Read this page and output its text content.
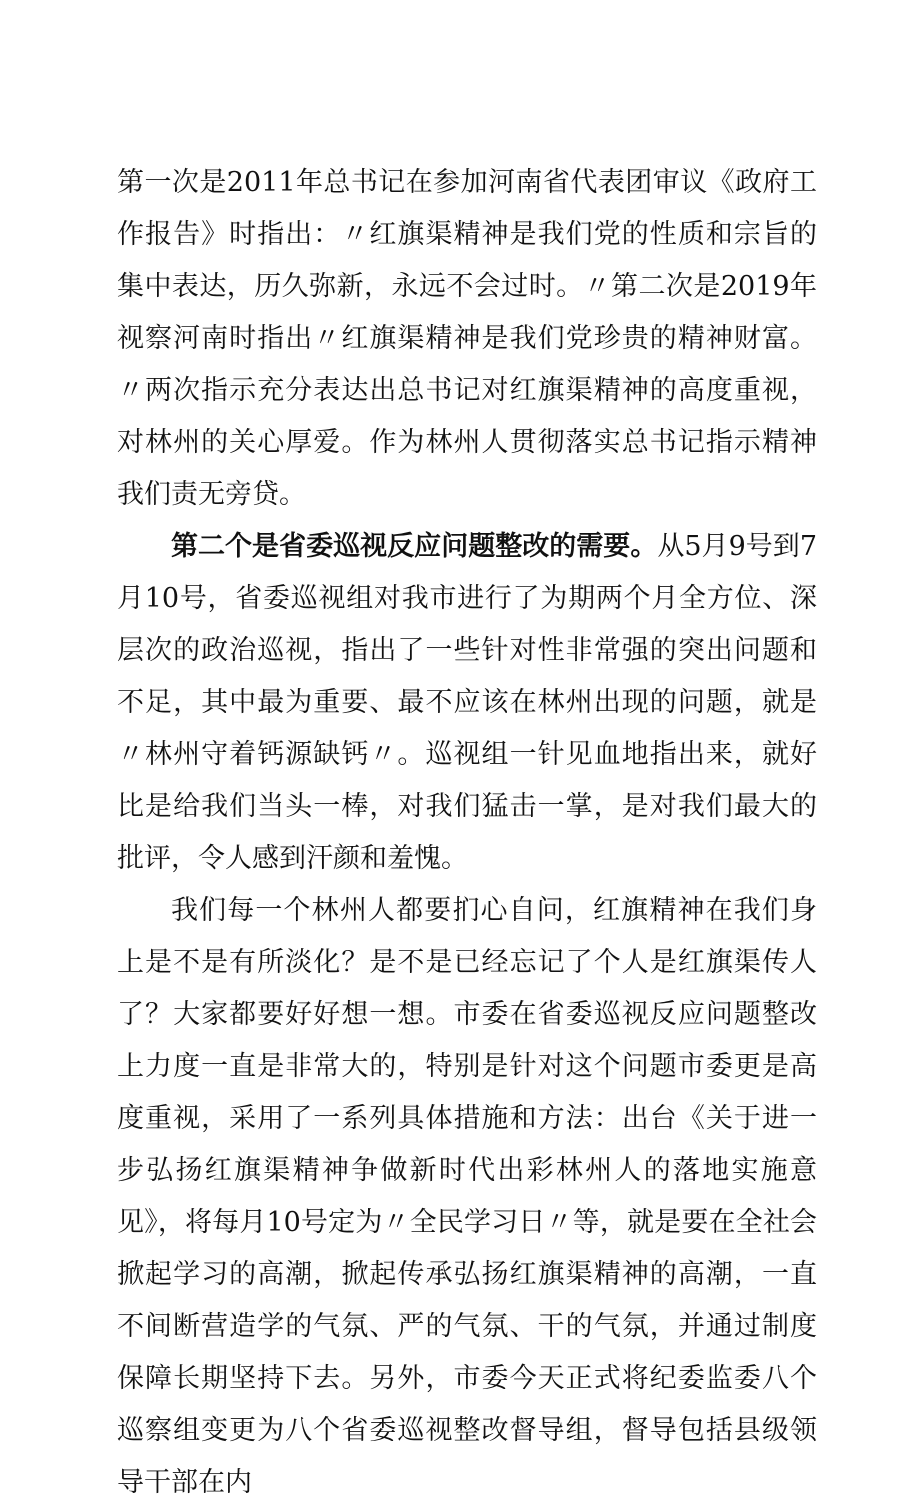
第一次是2011年总书记在参加河南省代表团审议《政府工作报告》时指出：〃红旗渠精神是我们党的性质和宗旨的集中表达，历久弥新，永远不会过时。〃第二次是2019年视察河南时指出〃红旗渠精神是我们党珍贵的精神财富。〃两次指示充分表达出总书记对红旗渠精神的高度重视，对林州的关心厚爱。作为林州人贯彻落实总书记指示精神我们责无旁贷。

第二个是省委巡视反应问题整改的需要。从5月9号到7月10号，省委巡视组对我市进行了为期两个月全方位、深层次的政治巡视，指出了一些针对性非常强的突出问题和不足，其中最为重要、最不应该在林州出现的问题，就是〃林州守着钙源缺钙〃。巡视组一针见血地指出来，就好比是给我们当头一棒，对我们猛击一掌，是对我们最大的批评，令人感到汗颜和羞愧。

我们每一个林州人都要扪心自问，红旗精神在我们身上是不是有所淡化？是不是已经忘记了个人是红旗渠传人了？大家都要好好想一想。市委在省委巡视反应问题整改上力度一直是非常大的，特别是针对这个问题市委更是高度重视，采用了一系列具体措施和方法：出台《关于进一步弘扬红旗渠精神争做新时代出彩林州人的落地实施意见》，将每月10号定为〃全民学习日〃等，就是要在全社会掀起学习的高潮，掀起传承弘扬红旗渠精神的高潮，一直不间断营造学的气氛、严的气氛、干的气氛，并通过制度保障长期坚持下去。另外，市委今天正式将纪委监委八个巡察组变更为八个省委巡视整改督导组，督导包括县级领导干部在内
